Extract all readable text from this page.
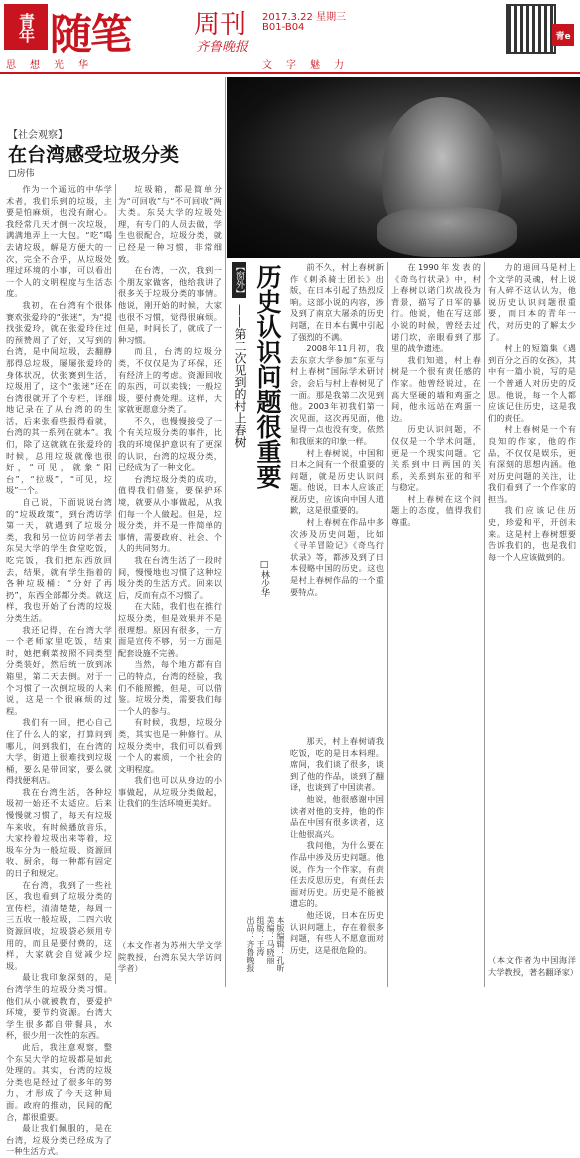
青年 随笔 周刊
齐鲁晚报
2017.3.22 星期三
B01-B04
青e
思想光华	文字魅力
【社会观察】
在台湾感受垃圾分类
□房伟

作为一个遥远的中华学术者，我们乐到的垃圾，主要是怕麻烦，也没有耐心。我经常几天才倒一次垃圾，满满地弄上一大包。“吃”喝去诸垃圾，解是方便大的一次，完全不合乎，从垃圾处理过环境的小事，可以看出一个人的文明程度与生活态度。

我初，在台湾有个很体赛欢张爱玲的“张迷”，为“提找张爱玲，就在张爱玲住过的预赞周了了好，又写到的台湾，是中间垃圾，去翻静那得总垃圾，屡屡张爱玲的身体状况，伏张赛到生活，垃圾用了，这个“张迷”还在台湾很就开了个专栏，详细地记录在了从台湾的的生活，后来张看些报得看就，台湾的其一系列在就本”。我们，除了这就就在张爱玲的时候，总用垃圾就像也很好，“可见，就象“阳台”，“拉圾”，“可见，垃圾”一个。

自己说，下面说说台湾的“垃圾政策”，到台湾访学第一天，就遇到了垃圾分类，我和另一位访问学者去东吴大学的学生食堂吃饭，吃完饭，我们把东西放回去，结果，就有学生指着的各种垃圾桶：“分好了再扔”，东西全部都分类。就这样，我也开始了台湾的垃圾分类生活。

我还记得，在台湾大学一个老师家里吃饭，结束时，她把剩菜按照不同类型分类装好，然后统一放到冰箱里，第二天去倒。对于一个习惯了一次倒垃圾的人来说，这是一个很麻烦的过程。

我们有一回，把心自己住了什么人的家，打算问到哪儿，问到我们，在台湾的大学，街道上很难找到垃圾桶，要么是带回家，要么就得找便利店。

我在台湾生活，各种垃圾初一始还不太适应。后来慢慢就习惯了，每天有垃圾车来收，有时候播放音乐，大家拎着垃圾出来等着，垃圾车分为一般垃圾、资源回收、厨余，每一种都有固定的日子和规定。

在台湾，我到了一些社区，我也看到了垃圾分类的宣传栏，清清楚楚，每周一三五收一般垃圾，二四六收资源回收，垃圾袋必须用专用的，而且是要付费的，这样，大家就会自觉减少垃圾。

最让我印象深刻的，是台湾学生的垃圾分类习惯。他们从小就被教育，要爱护环境，要节约资源。台湾大学生很多都自带餐具，水杯，很少用一次性的东西。

此后，我注意观察，整个东吴大学的垃圾都是如此处理的。其实，台湾的垃圾分类也是经过了很多年的努力，才形成了今天这种局面。政府的推动，民间的配合，都很重要。

最让我们佩服的，是在台湾，垃圾分类已经成为了一种生活方式。

垃圾箱，都是简单分为“可回收”与“不可回收”两大类。东吴大学的垃圾处理，有专门的人员去做，学生也很配合，垃圾分类，就已经是一种习惯，非常细致。

在台湾，一次，我到一个朋友家做客，他给我讲了很多关于垃圾分类的事情。他说，刚开始的时候，大家也很不习惯，觉得很麻烦。但是，时间长了，就成了一种习惯。

而且，台湾的垃圾分类，不仅仅是为了环保，还有经济上的考虑。资源回收的东西，可以卖钱；一般垃圾，要付费处理。这样，大家就更愿意分类了。

不久，也慢慢接受了一个有关垃圾分类的事件，比我的环境保护意识有了更深的认识，台湾的垃圾分类，已经成为了一种文化。

台湾垃圾分类的成功，值得我们借鉴，要保护环境，就要从小事做起，从我们每一个人做起。但是，垃圾分类，并不是一件简单的事情，需要政府、社会、个人的共同努力。

我在台湾生活了一段时间，慢慢地也习惯了这种垃圾分类的生活方式。回来以后，反而有点不习惯了。

在大陆，我们也在推行垃圾分类，但是效果并不是很理想。原因有很多，一方面是宣传不够，另一方面是配套设施不完善。

当然，每个地方都有自己的特点，台湾的经验，我们不能照搬，但是，可以借鉴。垃圾分类，需要我们每一个人的参与。

有时候，我想，垃圾分类，其实也是一种修行。从垃圾分类中，我们可以看到一个人的素质，一个社会的文明程度。

我们也可以从身边的小事做起，从垃圾分类做起，让我们的生活环境更美好。

（本文作者为苏州大学文学院教授，台湾东吴大学访问学者）
【窗外】 历史认识问题很重要
——第二次见到的村上春树
□林少华

前不久，村上春树新作《刺杀骑士团长》出版，在日本引起了热烈反响。这部小说的内容，涉及到了南京大屠杀的历史问题，在日本右翼中引起了强烈的不满。

2008年11月初，我去东京大学参加“东亚与村上春树”国际学术研讨会，会后与村上春树见了一面。那是我第二次见到他。2003年初我们第一次见面，这次再见面，他显得一点也没有变，依然和我原来的印象一样。

村上春树说，中国和日本之间有一个很重要的问题，就是历史认识问题。他说，日本人应该正视历史，应该向中国人道歉，这是很重要的。

村上春树在作品中多次涉及历史问题，比如《寻羊冒险记》《奇鸟行状录》等，都涉及到了日本侵略中国的历史。这也是村上春树作品的一个重要特点。

那天，村上春树请我吃饭，吃的是日本料理。席间，我们谈了很多，谈到了他的作品，谈到了翻译，也谈到了中国读者。

他说，他很感谢中国读者对他的支持，他的作品在中国有很多读者，这让他很高兴。

我问他，为什么要在作品中涉及历史问题。他说，作为一个作家，有责任去反思历史，有责任去面对历史。历史是不能被遗忘的。

他还说，日本在历史认识问题上，存在着很多问题，有些人不愿意面对历史，这是很危险的。

在1990年发表的《奇鸟行状录》中，村上春树以诺门坎战役为背景，描写了日军的暴行。他说，他在写这部小说的时候，曾经去过诺门坎，亲眼看到了那里的战争遗迹。

我们知道，村上春树是一个很有责任感的作家。他曾经说过，在高大坚硬的墙和鸡蛋之间，他永远站在鸡蛋一边。

历史认识问题，不仅仅是一个学术问题，更是一个现实问题。它关系到中日两国的关系，关系到东亚的和平与稳定。

村上春树在这个问题上的态度，值得我们尊重。

力的退回马是村上个文学的灵魂，村上说有人碎不这认认为，他说历史认识问题很重要，而日本的青年一代，对历史的了解太少了。

村上的短篇集《遇到百分之百的女孩》，其中有一篇小说，写的是一个普通人对历史的反思。他说，每一个人都应该记住历史，这是我们的责任。

村上春树是一个有良知的作家，他的作品，不仅仅是娱乐，更有深刻的思想内涵。他对历史问题的关注，让我们看到了一个作家的担当。

我们应该记住历史，珍爱和平，开创未来。这是村上春树想要告诉我们的，也是我们每一个人应该做到的。

（本文作者为中国海洋大学教授，著名翻译家）
本版编辑：孔昕
美编：马晓丽
组版：王涛
出品：齐鲁晚报
